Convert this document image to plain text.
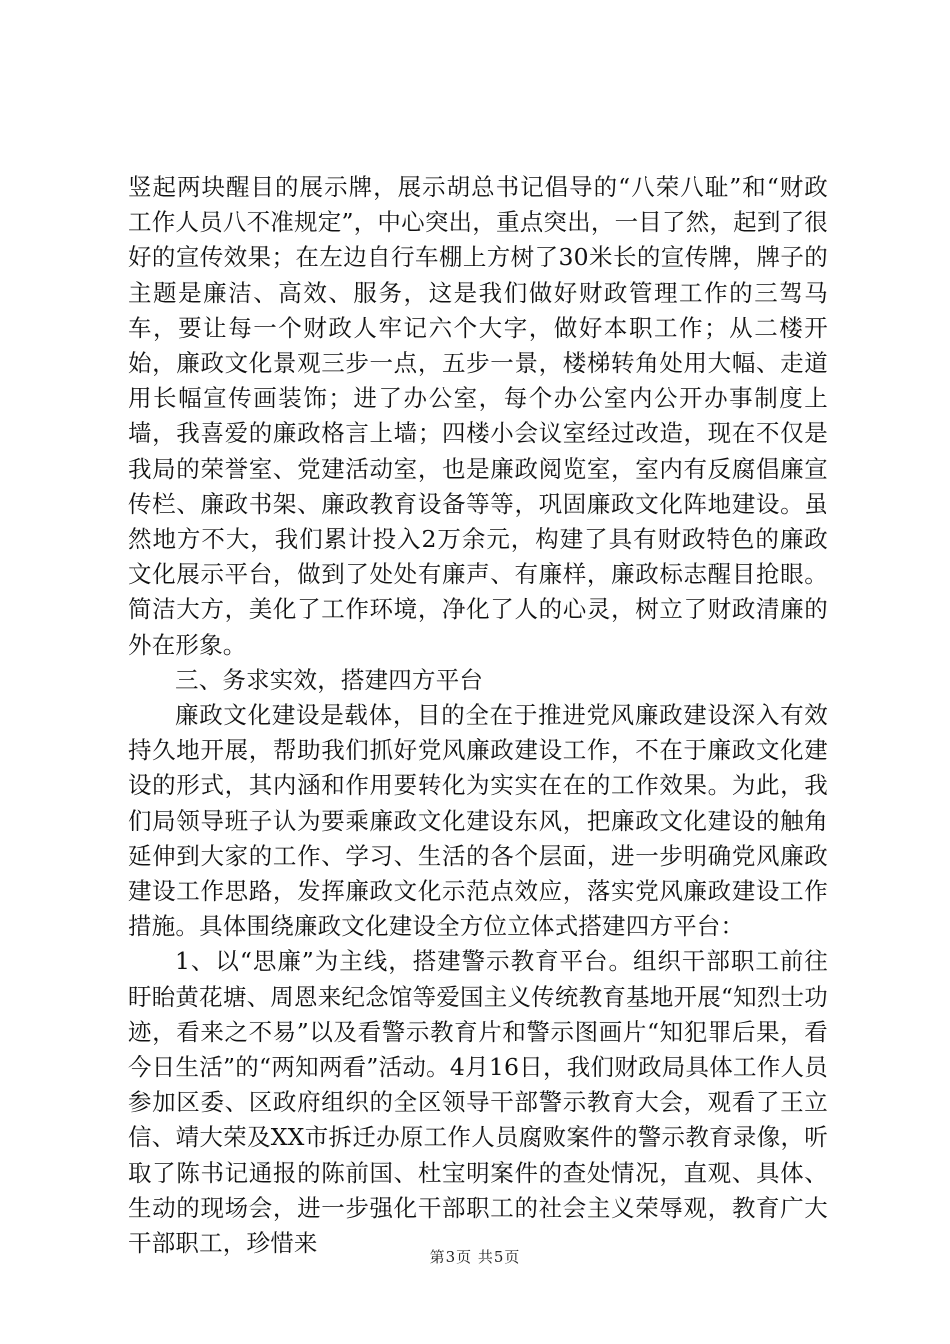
竖起两块醒目的展示牌，展示胡总书记倡导的“八荣八耻”和“财政工作人员八不准规定”，中心突出，重点突出，一目了然，起到了很好的宣传效果；在左边自行车棚上方树了30米长的宣传牌，牌子的主题是廉洁、高效、服务，这是我们做好财政管理工作的三驾马车，要让每一个财政人牢记六个大字，做好本职工作；从二楼开始，廉政文化景观三步一点，五步一景，楼梯转角处用大幅、走道用长幅宣传画装饰；进了办公室，每个办公室内公开办事制度上墙，我喜爱的廉政格言上墙；四楼小会议室经过改造，现在不仅是我局的荣誉室、党建活动室，也是廉政阅览室，室内有反腐倡廉宣传栏、廉政书架、廉政教育设备等等，巩固廉政文化阵地建设。虽然地方不大，我们累计投入2万余元，构建了具有财政特色的廉政文化展示平台，做到了处处有廉声、有廉样，廉政标志醒目抢眼。简洁大方，美化了工作环境，净化了人的心灵，树立了财政清廉的外在形象。

三、务求实效，搭建四方平台

廉政文化建设是载体，目的全在于推进党风廉政建设深入有效持久地开展，帮助我们抓好党风廉政建设工作，不在于廉政文化建设的形式，其内涵和作用要转化为实实在在的工作效果。为此，我们局领导班子认为要乘廉政文化建设东风，把廉政文化建设的触角延伸到大家的工作、学习、生活的各个层面，进一步明确党风廉政建设工作思路，发挥廉政文化示范点效应，落实党风廉政建设工作措施。具体围绕廉政文化建设全方位立体式搭建四方平台：

1、以“思廉”为主线，搭建警示教育平台。组织干部职工前往盱眙黄花塘、周恩来纪念馆等爱国主义传统教育基地开展“知烈士功迹，看来之不易”以及看警示教育片和警示图画片“知犯罪后果，看今日生活”的“两知两看”活动。4月16日，我们财政局具体工作人员参加区委、区政府组织的全区领导干部警示教育大会，观看了王立信、靖大荣及XX市拆迁办原工作人员腐败案件的警示教育录像，听取了陈书记通报的陈前国、杜宝明案件的查处情况，直观、具体、生动的现场会，进一步强化干部职工的社会主义荣辱观，教育广大干部职工，珍惜来	第3页 共5页
